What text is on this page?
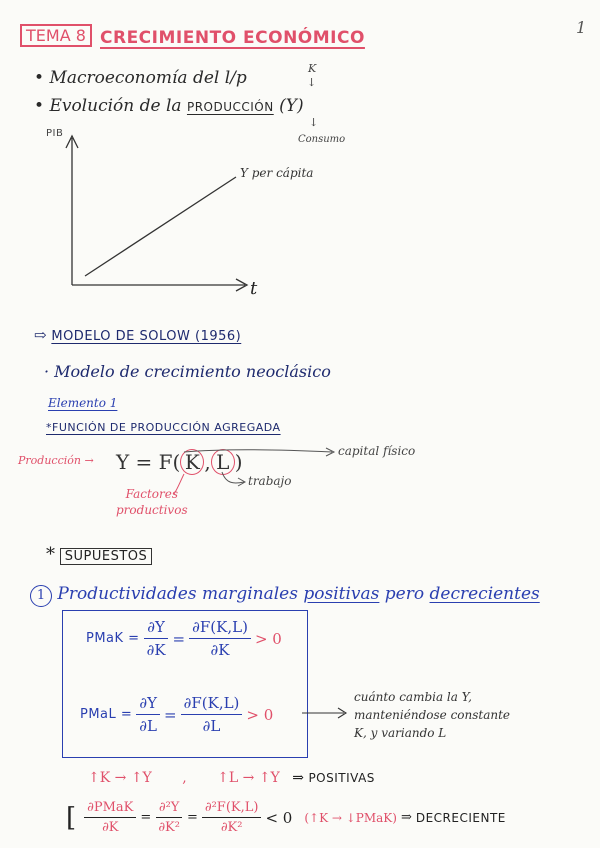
TEMA 8 CRECIMIENTO ECONÓMICO
1
• Macroeconomía del l/p
• Evolución de la PRODUCCIÓN (Y)
K
↓
↓
Consumo
PIB
t
Y per cápita
⇨ MODELO DE SOLOW (1956)
· Modelo de crecimiento neoclásico
Elemento 1
*FUNCIÓN DE PRODUCCIÓN AGREGADA
Producción → Y = F( K , L )	capital físico
trabajo
Factores
productivos
* SUPUESTOS
1 Productividades marginales positivas pero decrecientes
PMaK = $\frac{\partial Y}{\partial K} = \frac{\partial F(K,L)}{\partial K} > 0$
PMaL = $\frac{\partial Y}{\partial L} = \frac{\partial F(K,L)}{\partial L} > 0$
cuánto cambia la Y,
manteniéndose constante
K, y variando L
↑K → ↑Y , ↑L → ↑Y ⇒ POSITIVAS
[ $\frac{\text{∂PMaK}}{\partial K} = \frac{\text{∂²Y}}{\text{∂K²}} = \frac{\text{∂²F(K,L)}}{\text{∂K²}} < 0$ (↑K → ↓PMaK) ⇒ DECRECIENTE
